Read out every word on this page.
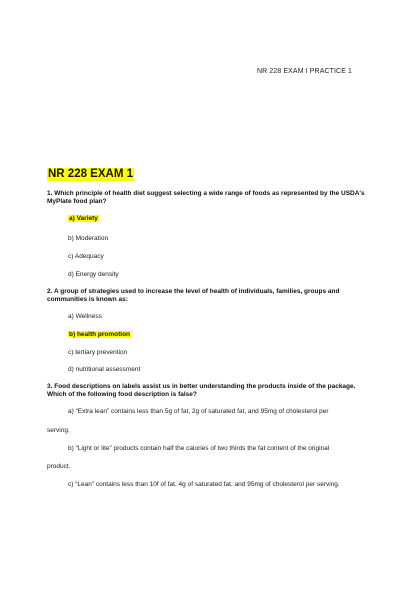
NR 228 EXAM I PRACTICE 1
NR 228 EXAM 1
1. Which principle of health diet suggest selecting a wide range of foods as represented by the USDA's MyPlate food plan?
a) Variety
b) Moderation
c) Adequacy
d) Energy density
2. A group of strategies used to increase the level of health of individuals, families, groups and communities is known as:
a) Wellness
b) health promotion
c) tertiary prevention
d) nutritional assessment
3. Food descriptions on labels assist us in better understanding the products inside of the package. Which of the following food description is false?
a) “Extra lean” contains less than 5g of fat, 2g of saturated fat, and 95mg of cholesterol per
serving.
b) “Light or lite” products contain half the calories of two thirds the fat content of the original
product.
c) “Lean” contains less than 10f of fat, 4g of saturated fat, and 95mg of cholesterol per serving.
